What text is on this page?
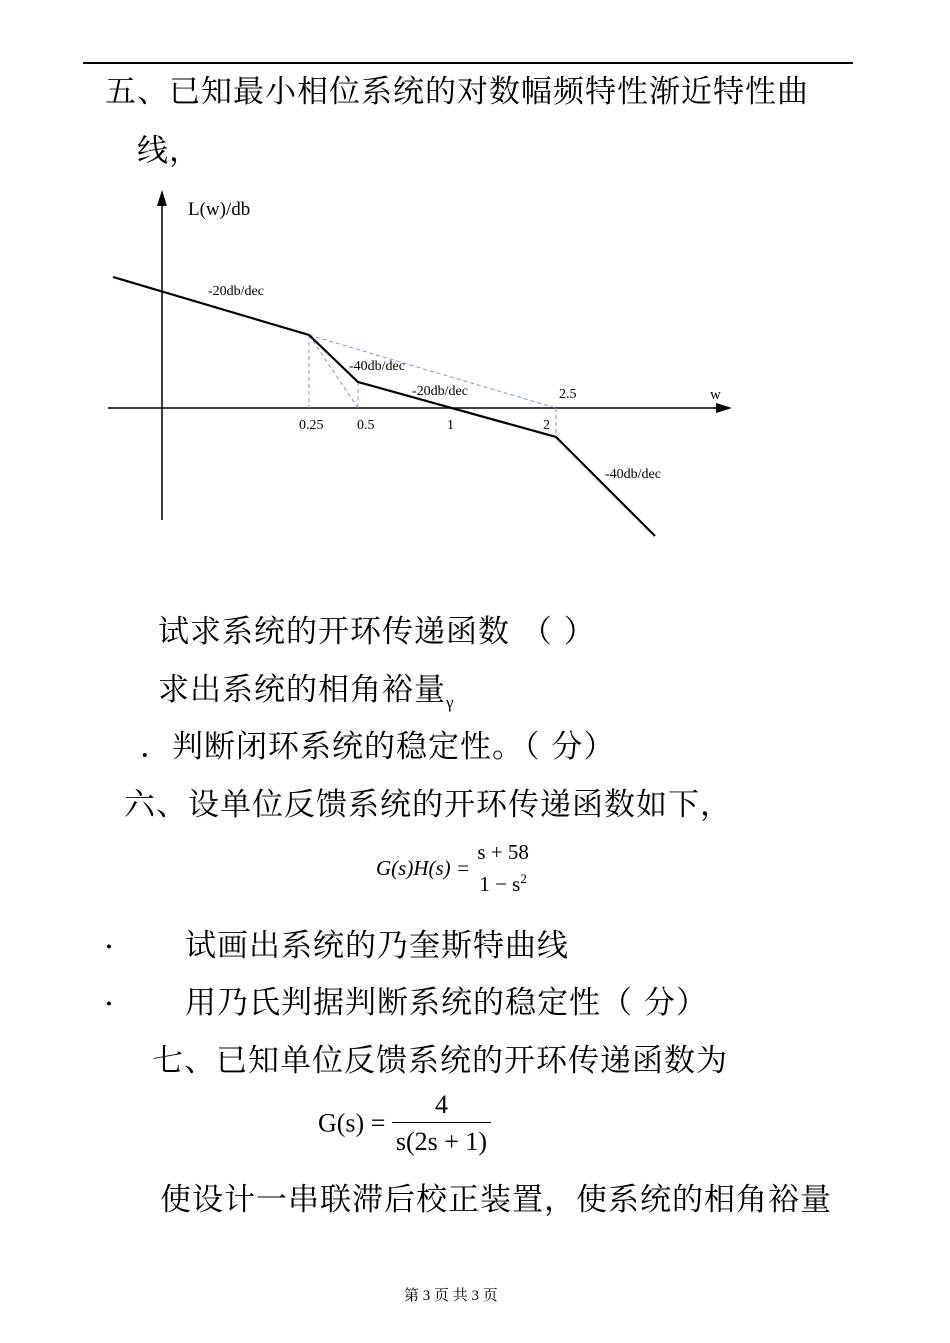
五、已知最小相位系统的对数幅频特性渐近特性曲
线，
L(w)/db
w
-20db/dec
-40db/dec
-20db/dec
-40db/dec
0.25 0.5	1	2
2.5
试求系统的开环传递函数 （ ）
求出系统的相角裕量$_\gamma$
．判断闭环系统的稳定性。（ 分）
六、设单位反馈系统的开环传递函数如下，
G(s)H(s) =
s + 58
$1 - s^2$
. 试画出系统的乃奎斯特曲线
. 用乃氏判据判断系统的稳定性（ 分）
七、已知单位反馈系统的开环传递函数为
$G(s) = \frac{4}{s(2s + 1)}$
使设计一串联滞后校正装置，使系统的相角裕量
第 3 页 共 3 页
